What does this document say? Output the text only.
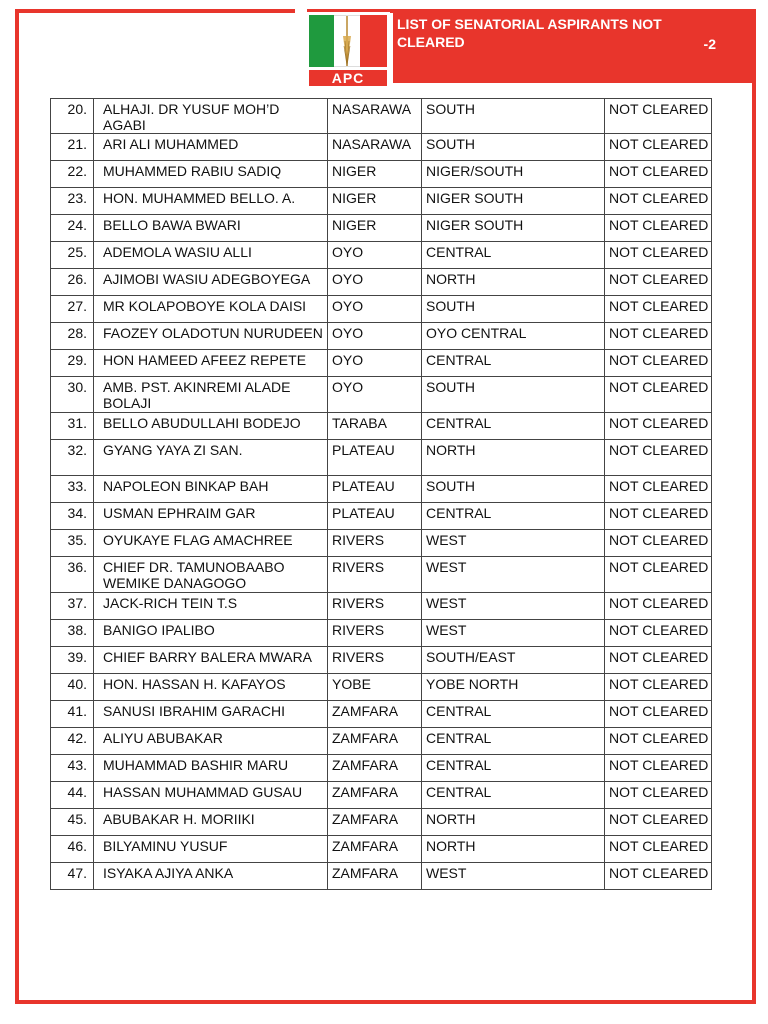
APC
LIST OF SENATORIAL ASPIRANTS NOT CLEARED	-2
20.	ALHAJI. DR YUSUF MOH’D AGABI	NASARAWA	SOUTH	NOT CLEARED
21.	ARI ALI MUHAMMED	NASARAWA	SOUTH	NOT CLEARED
22.	MUHAMMED RABIU SADIQ	NIGER	NIGER/SOUTH	NOT CLEARED
23.	HON. MUHAMMED BELLO. A.	NIGER	NIGER SOUTH	NOT CLEARED
24.	BELLO BAWA BWARI	NIGER	NIGER SOUTH	NOT CLEARED
25.	ADEMOLA WASIU ALLI	OYO	CENTRAL	NOT CLEARED
26.	AJIMOBI WASIU ADEGBOYEGA	OYO	NORTH	NOT CLEARED
27.	MR KOLAPOBOYE KOLA DAISI	OYO	SOUTH	NOT CLEARED
28.	FAOZEY OLADOTUN NURUDEEN	OYO	OYO CENTRAL	NOT CLEARED
29.	HON HAMEED AFEEZ REPETE	OYO	CENTRAL	NOT CLEARED
30.	AMB. PST. AKINREMI ALADE BOLAJI	OYO	SOUTH	NOT CLEARED
31.	BELLO ABUDULLAHI BODEJO	TARABA	CENTRAL	NOT CLEARED
32.	GYANG YAYA ZI SAN.	PLATEAU	NORTH	NOT CLEARED
33.	NAPOLEON BINKAP BAH	PLATEAU	SOUTH	NOT CLEARED
34.	USMAN EPHRAIM GAR	PLATEAU	CENTRAL	NOT CLEARED
35.	OYUKAYE FLAG AMACHREE	RIVERS	WEST	NOT CLEARED
36.	CHIEF DR. TAMUNOBAABO WEMIKE DANAGOGO	RIVERS	WEST	NOT CLEARED
37.	JACK-RICH TEIN T.S	RIVERS	WEST	NOT CLEARED
38.	BANIGO IPALIBO	RIVERS	WEST	NOT CLEARED
39.	CHIEF BARRY BALERA MWARA	RIVERS	SOUTH/EAST	NOT CLEARED
40.	HON. HASSAN H. KAFAYOS	YOBE	YOBE NORTH	NOT CLEARED
41.	SANUSI IBRAHIM GARACHI	ZAMFARA	CENTRAL	NOT CLEARED
42.	ALIYU ABUBAKAR	ZAMFARA	CENTRAL	NOT CLEARED
43.	MUHAMMAD BASHIR MARU	ZAMFARA	CENTRAL	NOT CLEARED
44.	HASSAN MUHAMMAD GUSAU	ZAMFARA	CENTRAL	NOT CLEARED
45.	ABUBAKAR H. MORIIKI	ZAMFARA	NORTH	NOT CLEARED
46.	BILYAMINU YUSUF	ZAMFARA	NORTH	NOT CLEARED
47.	ISYAKA AJIYA ANKA	ZAMFARA	WEST	NOT CLEARED
